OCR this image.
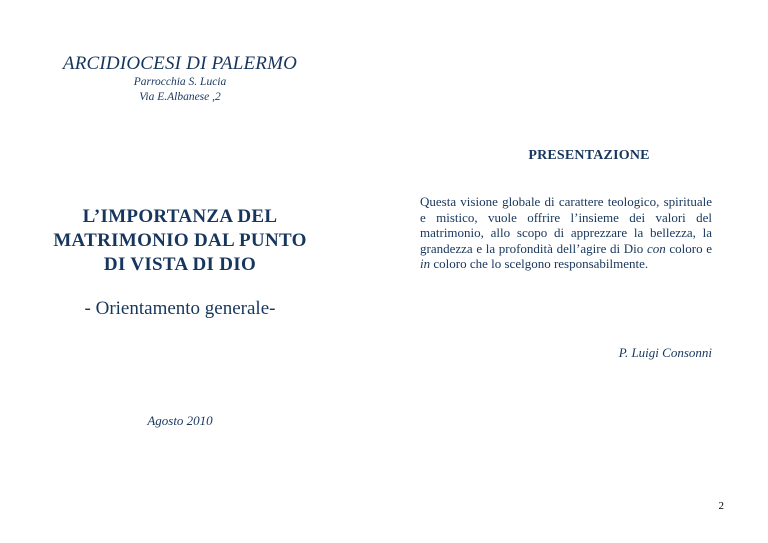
ARCIDIOCESI DI PALERMO
Parrocchia S. Lucia
Via E.Albanese ,2
L’IMPORTANZA DEL
MATRIMONIO DAL PUNTO
DI VISTA DI DIO
- Orientamento generale-
Agosto 2010
PRESENTAZIONE

Questa visione globale di carattere teologico, spirituale e mistico, vuole offrire l’insieme dei valori del matrimonio, allo scopo di apprezzare la bellezza, la grandezza e la profondità dell’agire di Dio con coloro e in coloro che lo scelgono responsabilmente.

P. Luigi Consonni
2
